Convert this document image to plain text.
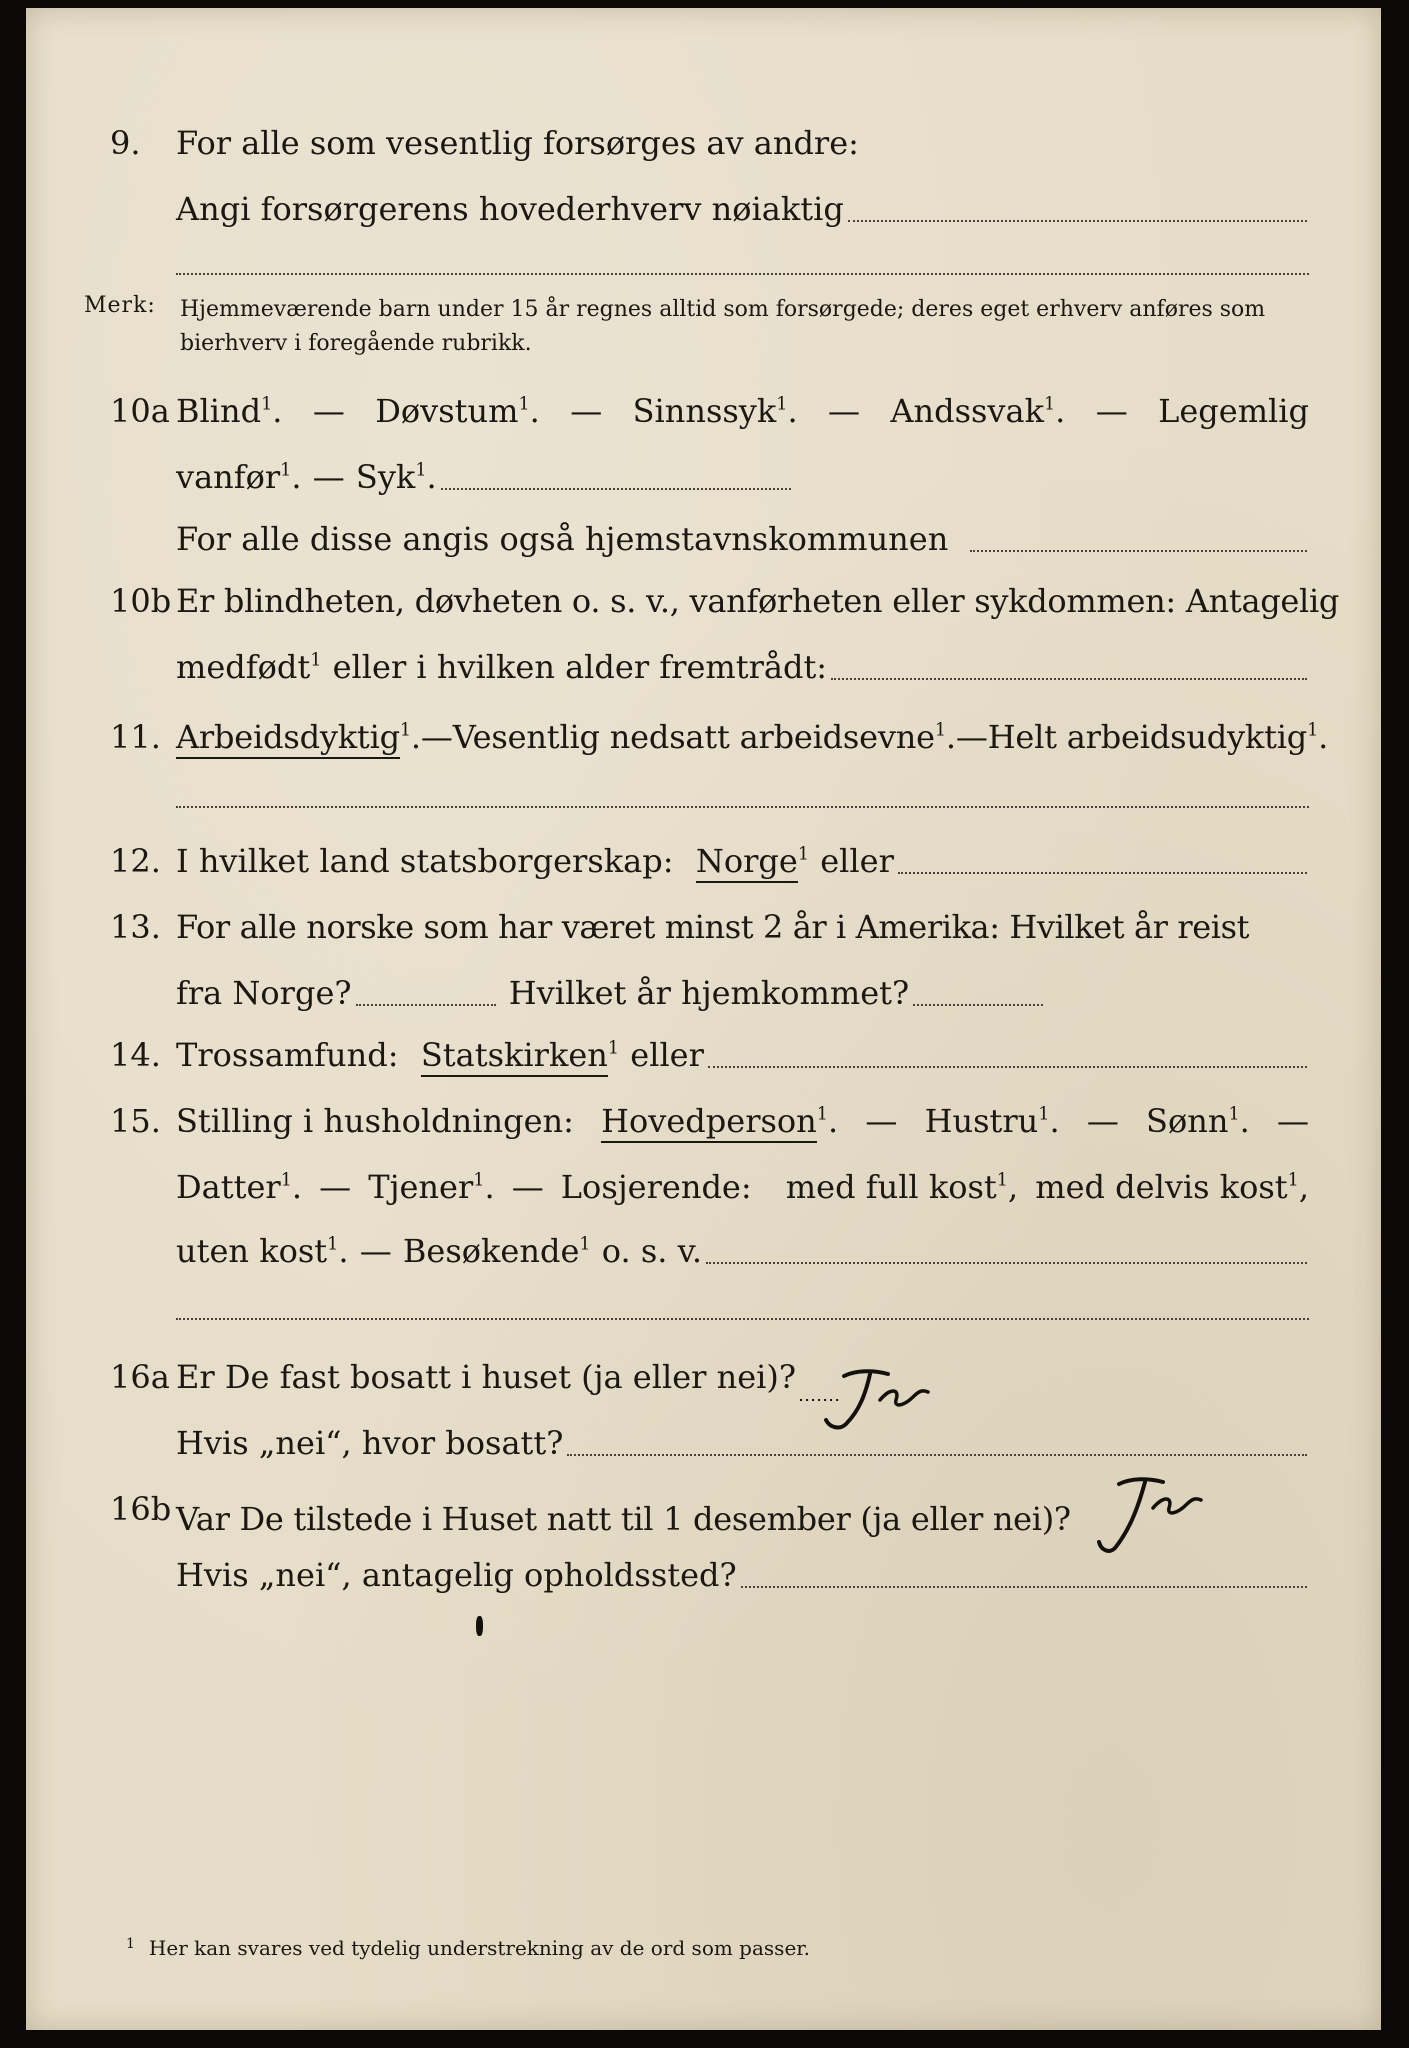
9. For alle som vesentlig forsørges av andre:
Angi forsørgerens hovederhverv nøiaktig
Merk: Hjemmeværende barn under 15 år regnes alltid som forsørgede; deres eget erhverv anføres som bierhverv i foregående rubrikk.
10a Blind$^1$. — Døvstum$^1$. — Sinnssyk$^1$. — Andssvak$^1$. — Legemlig
vanfør$^1$. — Syk$^1$.
For alle disse angis også hjemstavnskommunen
10b Er blindheten, døvheten o. s. v., vanførheten eller sykdommen: Antagelig
medfødt$^1$ eller i hvilken alder fremtrådt:
11. Arbeidsdyktig$^1$. — Vesentlig nedsatt arbeidsevne$^1$. — Helt arbeidsudyktig$^1$.
12. I hvilket land statsborgerskap: Norge$^1$ eller
13. For alle norske som har været minst 2 år i Amerika: Hvilket år reist
fra Norge?	Hvilket år hjemkommet?
14. Trossamfund: Statskirken$^1$ eller
15. Stilling i husholdningen: Hovedperson$^1$. — Hustru$^1$. — Sønn$^1$. —
Datter$^1$. — Tjener$^1$. — Losjerende: med full kost$^1$, med delvis kost$^1$,
uten kost$^1$. — Besøkende$^1$ o. s. v.
16a Er De fast bosatt i huset (ja eller nei)?
Hvis „nei“, hvor bosatt?
16b Var De tilstede i Huset natt til 1 desember (ja eller nei)?
Hvis „nei“, antagelig opholdssted?
$^1$ Her kan svares ved tydelig understrekning av de ord som passer.
